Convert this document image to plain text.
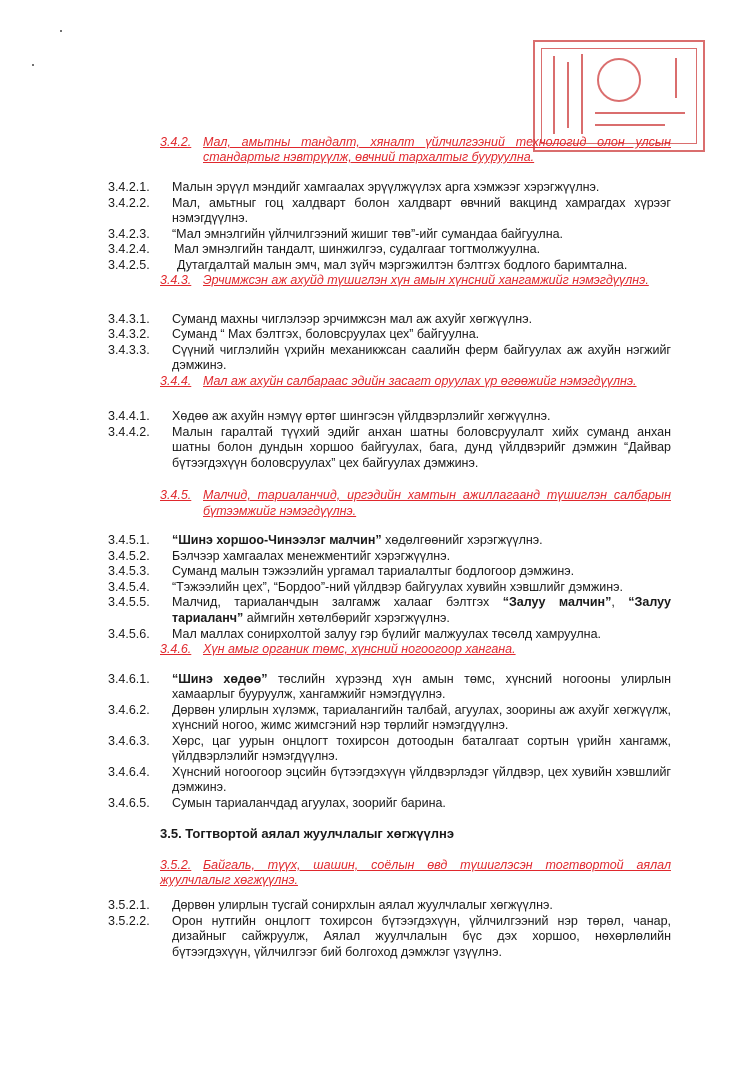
3.4.2. Мал, амьтны тандалт, хяналт үйлчилгээний технологид олон улсын
стандартыг нэвтрүүлж, өвчний тархалтыг бууруулна.
3.4.2.1. Малын эрүүл мэндийг хамгаалах эрүүлжүүлэх арга хэмжээг хэрэгжүүлнэ.
3.4.2.2. Мал, амьтныг гоц халдварт болон халдварт өвчний вакцинд хамрагдах хүрээг
нэмэгдүүлнэ.
3.4.2.3. “Мал эмнэлгийн үйлчилгээний жишиг төв”-ийг сумандаа байгуулна.
3.4.2.4. Мал эмнэлгийн тандалт, шинжилгээ, судалгааг тогтмолжуулна.
3.4.2.5. Дутагдалтай малын эмч, мал зүйч мэргэжилтэн бэлтгэх бодлого баримтална.
3.4.3. Эрчимжсэн аж ахуйд түшиглэн хүн амын хүнсний хангамжийг нэмэгдүүлнэ.
3.4.3.1. Суманд махны чиглэлээр эрчимжсэн мал аж ахуйг хөгжүүлнэ.
3.4.3.2. Суманд “ Мах бэлтгэх, боловсруулах цех” байгуулна.
3.4.3.3. Сүүний чиглэлийн үхрийн механикжсан саалийн ферм байгуулах аж ахуйн нэгжийг
дэмжинэ.
3.4.4. Мал аж ахуйн салбараас эдийн засагт оруулах үр өгөөжийг нэмэгдүүлнэ.
3.4.4.1. Хөдөө аж ахуйн нэмүү өртөг шингэсэн үйлдвэрлэлийг хөгжүүлнэ.
3.4.4.2. Малын гаралтай түүхий эдийг анхан шатны боловсруулалт хийх суманд анхан
шатны болон дундын хоршоо байгуулах, бага, дунд үйлдвэрийг дэмжин “Дайвар
бүтээгдэхүүн боловсруулах” цех байгуулах дэмжинэ.
3.4.5. Малчид, тариаланчид, иргэдийн хамтын ажиллагаанд түшиглэн салбарын
бүтээмжийг нэмэгдүүлнэ.
3.4.5.1. “Шинэ хоршоо-Чинээлэг малчин” хөдөлгөөнийг хэрэгжүүлнэ.
3.4.5.2. Бэлчээр хамгаалах менежментийг хэрэгжүүлнэ.
3.4.5.3. Суманд малын тэжээлийн ургамал тариалалтыг бодлогоор дэмжинэ.
3.4.5.4. “Тэжээлийн цех”, “Бордоо”-ний үйлдвэр байгуулах хувийн хэвшлийг дэмжинэ.
3.4.5.5. Малчид, тариаланчдын залгамж халааг бэлтгэх “Залуу малчин”, “Залуу
тариаланч” аймгийн хөтөлбөрийг хэрэгжүүлнэ.
3.4.5.6. Мал маллах сонирхолтой залуу гэр бүлийг малжуулах төсөлд хамруулна.
3.4.6. Хүн амыг органик төмс, хүнсний ногоогоор хангана.
3.4.6.1. “Шинэ хөдөө” төслийн хүрээнд хүн амын төмс, хүнсний ногооны улирлын
хамаарлыг бууруулж, хангамжийг нэмэгдүүлнэ.
3.4.6.2. Дөрвөн улирлын хүлэмж, тариалангийн талбай, агуулах, зоорины аж ахуйг хөгжүүлж,
хүнсний ногоо, жимс жимсгэний нэр төрлийг нэмэгдүүлнэ.
3.4.6.3. Хөрс, цаг уурын онцлогт тохирсон дотоодын баталгаат сортын үрийн хангамж,
үйлдвэрлэлийг нэмэгдүүлнэ.
3.4.6.4. Хүнсний ногоогоор эцсийн бүтээгдэхүүн үйлдвэрлэдэг үйлдвэр, цех хувийн хэвшлийг
дэмжинэ.
3.4.6.5. Сумын тариаланчдад агуулах, зоорийг барина.
3.5. Тогтвортой аялал жуулчлалыг хөгжүүлнэ
3.5.2. Байгаль, түүх, шашин, соёлын өвд түшиглэсэн тогтвортой аялал
жуулчлалыг хөгжүүлнэ.
3.5.2.1. Дөрвөн улирлын тусгай сонирхлын аялал жуулчлалыг хөгжүүлнэ.
3.5.2.2. Орон нутгийн онцлогт тохирсон бүтээгдэхүүн, үйлчилгээний нэр төрөл, чанар,
дизайныг сайжруулж, Аялал жуулчлалын бүс дэх хоршоо, нөхөрлөлийн
бүтээгдэхүүн, үйлчилгээг бий болгоход дэмжлэг үзүүлнэ.
